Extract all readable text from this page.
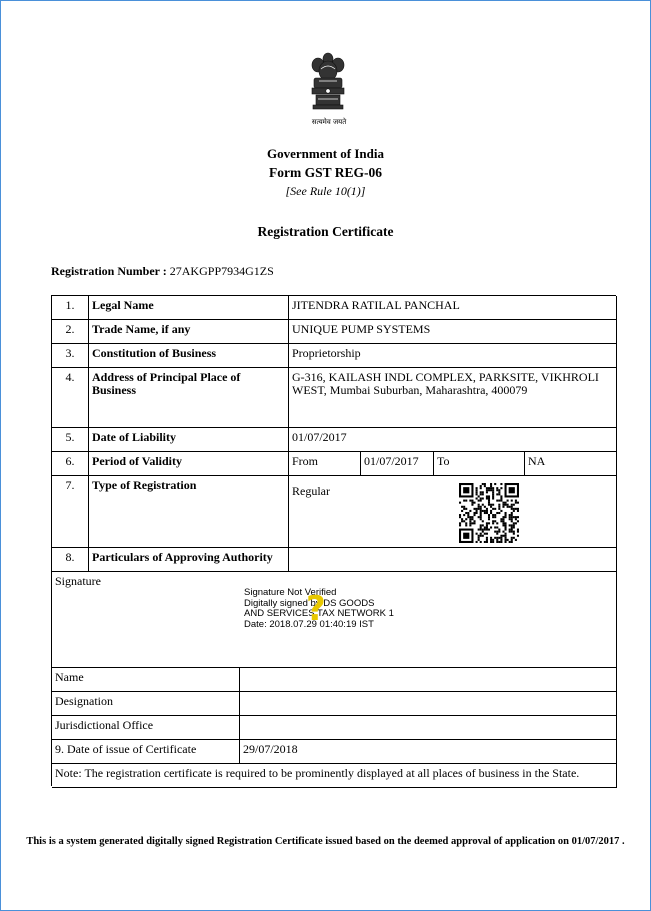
सत्यमेव जयते
Government of India
Form GST REG-06
[See Rule 10(1)]
Registration Certificate
Registration Number : 27AKGPP7934G1ZS
1.	Legal Name	JITENDRA RATILAL PANCHAL
2.	Trade Name, if any	UNIQUE PUMP SYSTEMS
3.	Constitution of Business	Proprietorship
4.	Address of Principal Place of Business
G-316, KAILASH INDL COMPLEX, PARKSITE, VIKHROLI WEST, Mumbai Suburban, Maharashtra, 400079
5.	Date of Liability	01/07/2017
6.	Period of Validity	From	01/07/2017	To	NA
7.	Type of Registration	Regular
8.	Particulars of Approving Authority
Signature
Signature Not Verified
Digitally signed by DS GOODS
AND SERVICES TAX NETWORK 1
Date: 2018.07.29 01:40:19 IST
Name
Designation
Jurisdictional Office
9. Date of issue of Certificate	29/07/2018
Note: The registration certificate is required to be prominently displayed at all places of business in the State.
?
This is a system generated digitally signed Registration Certificate issued based on the deemed approval of application on 01/07/2017 .
